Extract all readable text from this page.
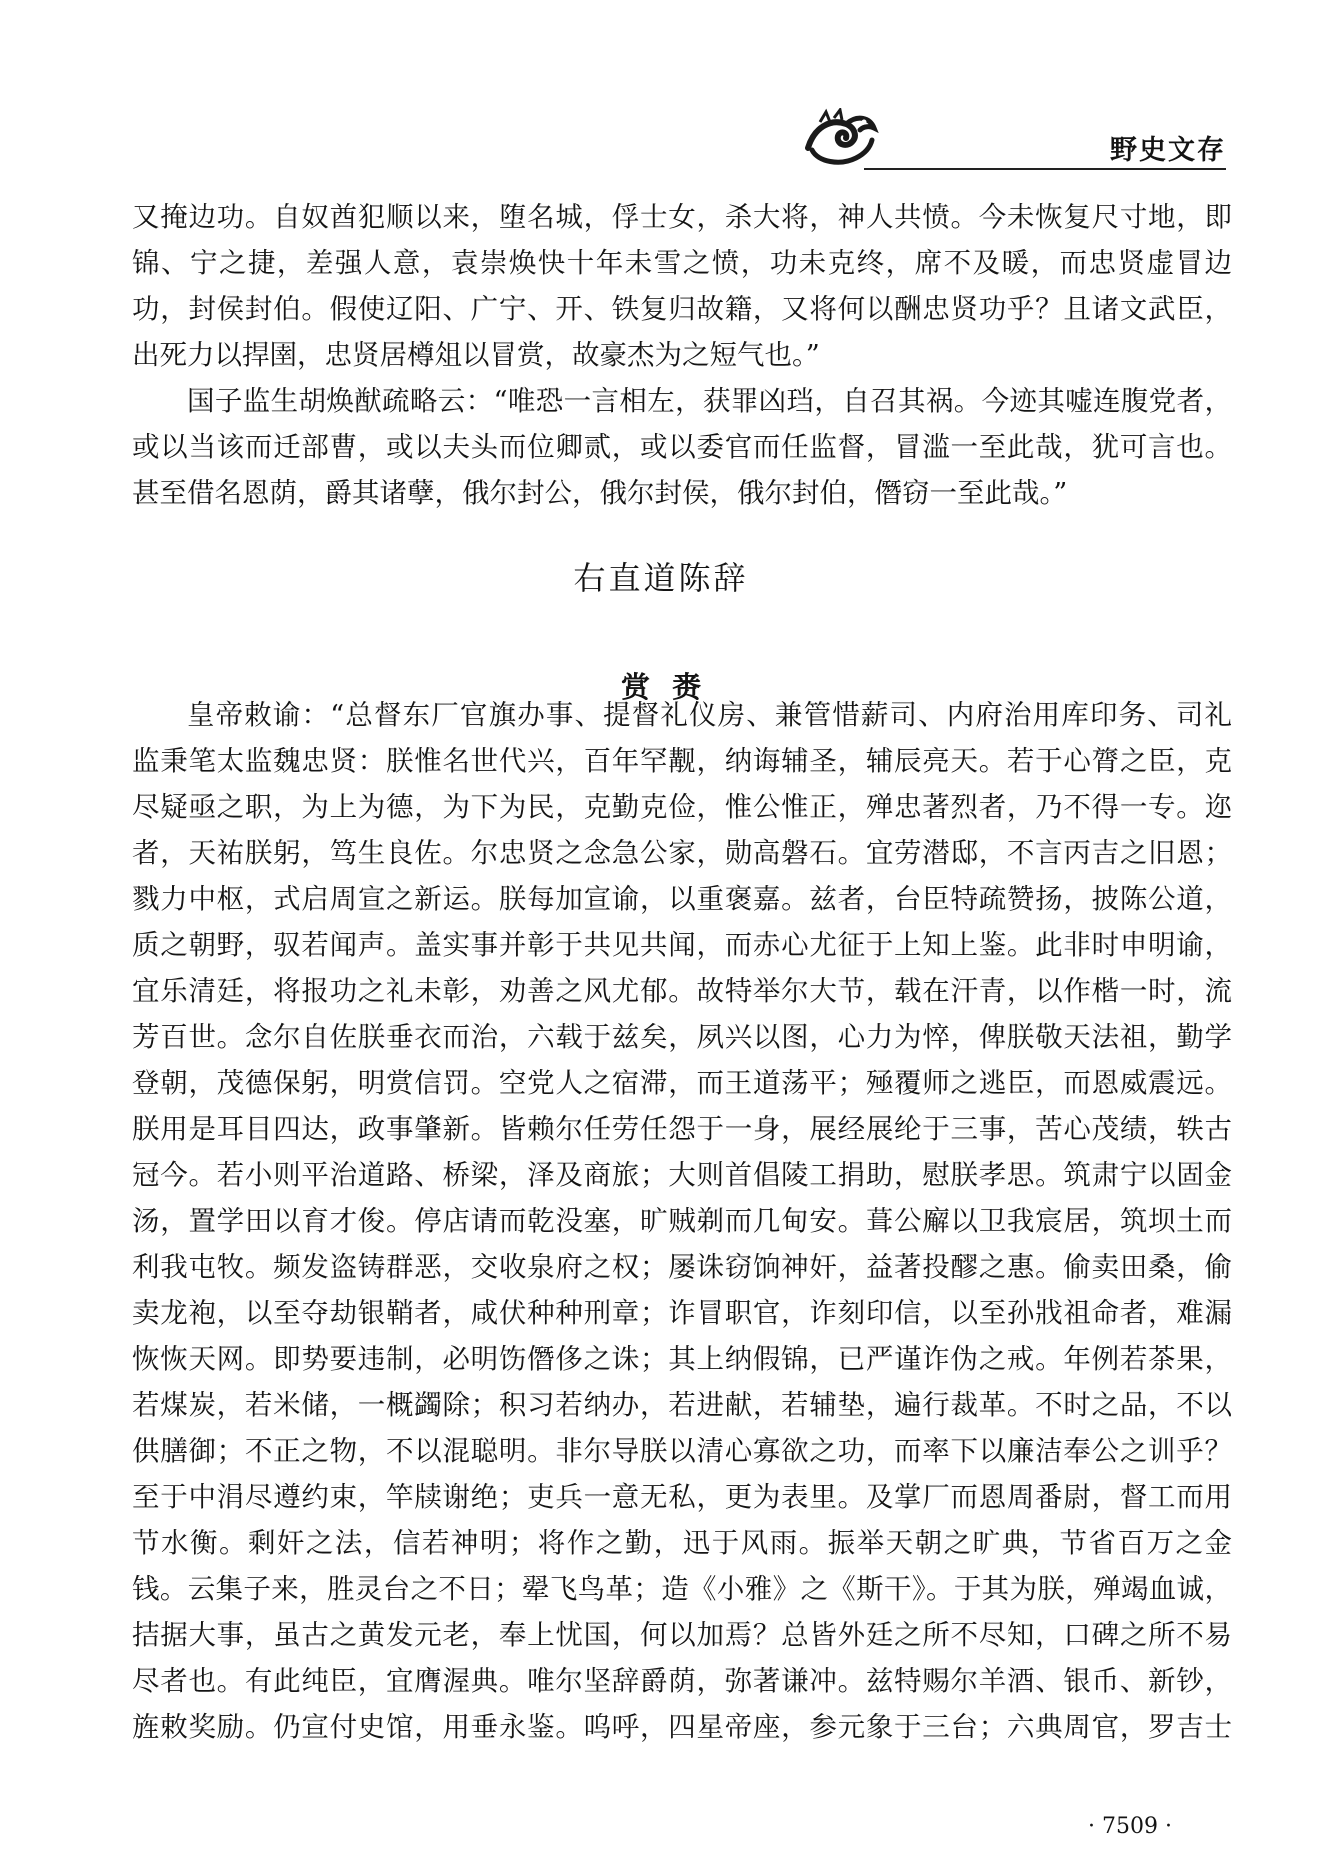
野史文存

又掩边功。自奴酋犯顺以来，堕名城，俘士女，杀大将，神人共愤。今未恢复尺寸地，即

锦、宁之捷，差强人意，袁崇焕快十年未雪之愤，功未克终，席不及暖，而忠贤虚冒边

功，封侯封伯。假使辽阳、广宁、开、铁复归故籍，又将何以酬忠贤功乎？且诸文武臣，

出死力以捍圉，忠贤居樽俎以冒赏，故豪杰为之短气也。”

国子监生胡焕猷疏略云：“唯恐一言相左，获罪凶珰，自召其祸。今迹其嘘连腹党者，

或以当该而迁部曹，或以夫头而位卿贰，或以委官而任监督，冒滥一至此哉，犹可言也。

甚至借名恩荫，爵其诸孽，俄尔封公，俄尔封侯，俄尔封伯，僭窃一至此哉。”

右直道陈辞
赏赉

皇帝敕谕：“总督东厂官旗办事、提督礼仪房、兼管惜薪司、内府治用库印务、司礼

监秉笔太监魏忠贤：朕惟名世代兴，百年罕觏，纳诲辅圣，辅辰亮天。若于心膂之臣，克

尽疑亟之职，为上为德，为下为民，克勤克俭，惟公惟正，殚忠著烈者，乃不得一专。迩

者，天祐朕躬，笃生良佐。尔忠贤之念急公家，勋高磐石。宜劳潜邸，不言丙吉之旧恩；

戮力中枢，式启周宣之新运。朕每加宣谕，以重褒嘉。兹者，台臣特疏赞扬，披陈公道，

质之朝野，驭若闻声。盖实事并彰于共见共闻，而赤心尤征于上知上鉴。此非时申明谕，

宜乐清廷，将报功之礼未彰，劝善之风尤郁。故特举尔大节，载在汗青，以作楷一时，流

芳百世。念尔自佐朕垂衣而治，六载于兹矣，夙兴以图，心力为悴，俾朕敬天法祖，勤学

登朝，茂德保躬，明赏信罚。空党人之宿滞，而王道荡平；殛覆师之逃臣，而恩威震远。

朕用是耳目四达，政事肇新。皆赖尔任劳任怨于一身，展经展纶于三事，苦心茂绩，轶古

冠今。若小则平治道路、桥梁，泽及商旅；大则首倡陵工捐助，慰朕孝思。筑肃宁以固金

汤，置学田以育才俊。停店请而乾没塞，旷贼剃而几甸安。葺公廨以卫我宸居，筑坝土而

利我屯牧。频发盗铸群恶，交收泉府之权；屡诛窃饷神奸，益著投醪之惠。偷卖田桑，偷

卖龙袍，以至夺劫银鞘者，咸伏种种刑章；诈冒职官，诈刻印信，以至孙戕祖命者，难漏

恢恢天网。即势要违制，必明饬僭侈之诛；其上纳假锦，已严谨诈伪之戒。年例若茶果，

若煤炭，若米储，一概蠲除；积习若纳办，若进献，若辅垫，遍行裁革。不时之品，不以

供膳御；不正之物，不以混聪明。非尔导朕以清心寡欲之功，而率下以廉洁奉公之训乎？

至于中涓尽遵约束，竿牍谢绝；吏兵一意无私，更为表里。及掌厂而恩周番尉，督工而用

节水衡。剩奸之法，信若神明；将作之勤，迅于风雨。振举天朝之旷典，节省百万之金

钱。云集子来，胜灵台之不日；翚飞鸟革；造《小雅》之《斯干》。于其为朕，殚竭血诚，

拮据大事，虽古之黄发元老，奉上忧国，何以加焉？总皆外廷之所不尽知，口碑之所不易

尽者也。有此纯臣，宜膺渥典。唯尔坚辞爵荫，弥著谦冲。兹特赐尔羊酒、银币、新钞，

旌敕奖励。仍宣付史馆，用垂永鉴。呜呼，四星帝座，参元象于三台；六典周官，罗吉士

· 7509 ·
